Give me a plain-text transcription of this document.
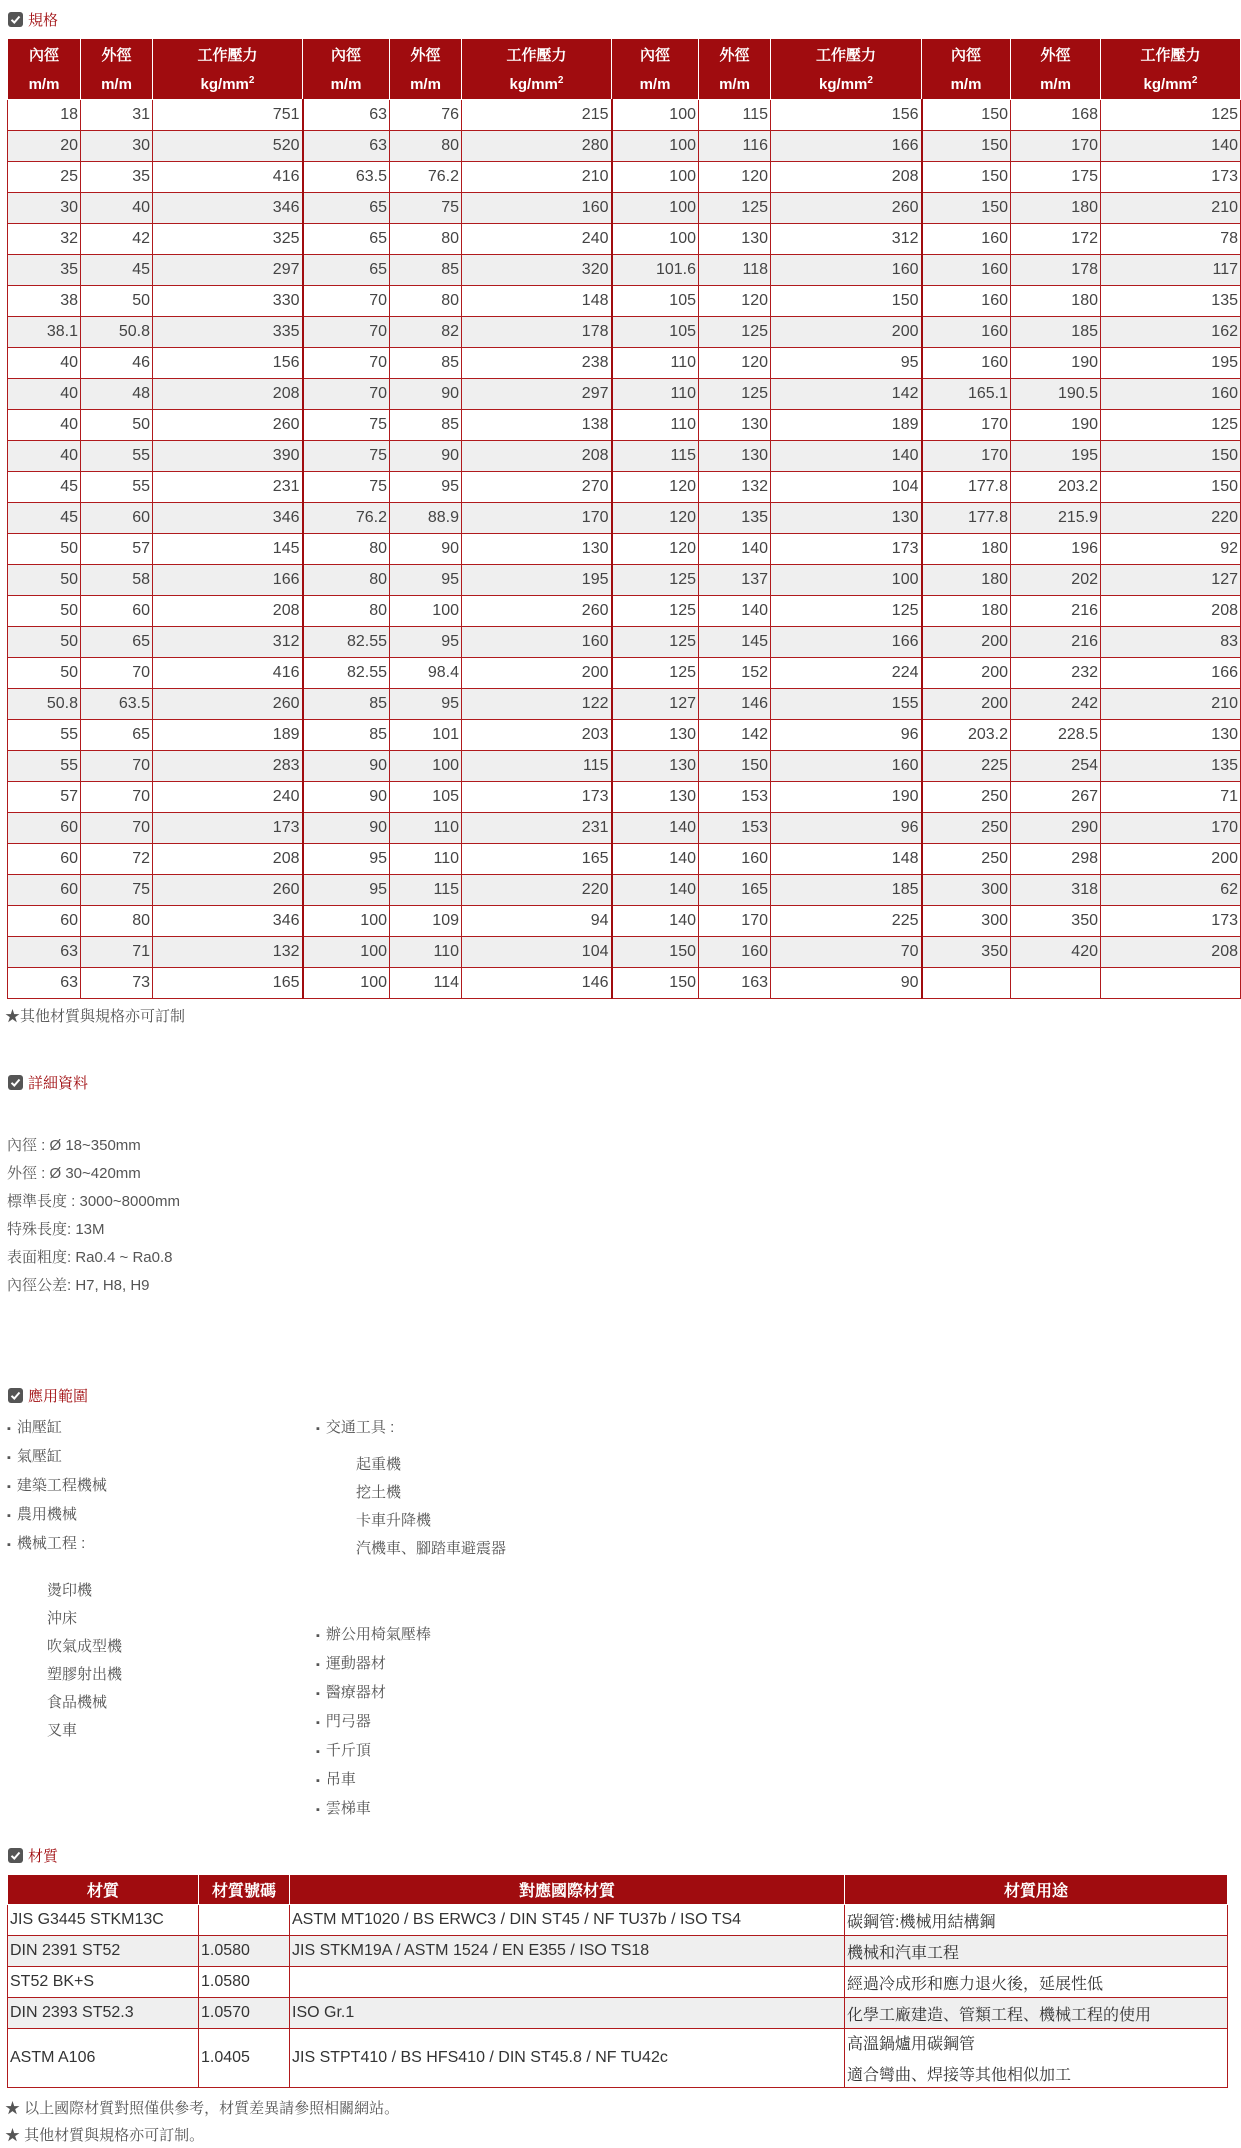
規格
內徑	外徑	工作壓力	內徑	外徑	工作壓力	內徑	外徑	工作壓力	內徑	外徑	工作壓力
m/m	m/m	$kg/mm^2$	m/m	m/m	$kg/mm^2$	m/m	m/m	$kg/mm^2$	m/m	m/m	$kg/mm^2$
18	31	751	63	76	215	100	115	156	150	168	125
20	30	520	63	80	280	100	116	166	150	170	140
25	35	416	63.5	76.2	210	100	120	208	150	175	173
30	40	346	65	75	160	100	125	260	150	180	210
32	42	325	65	80	240	100	130	312	160	172	78
35	45	297	65	85	320	101.6	118	160	160	178	117
38	50	330	70	80	148	105	120	150	160	180	135
38.1	50.8	335	70	82	178	105	125	200	160	185	162
40	46	156	70	85	238	110	120	95	160	190	195
40	48	208	70	90	297	110	125	142	165.1	190.5	160
40	50	260	75	85	138	110	130	189	170	190	125
40	55	390	75	90	208	115	130	140	170	195	150
45	55	231	75	95	270	120	132	104	177.8	203.2	150
45	60	346	76.2	88.9	170	120	135	130	177.8	215.9	220
50	57	145	80	90	130	120	140	173	180	196	92
50	58	166	80	95	195	125	137	100	180	202	127
50	60	208	80	100	260	125	140	125	180	216	208
50	65	312	82.55	95	160	125	145	166	200	216	83
50	70	416	82.55	98.4	200	125	152	224	200	232	166
50.8	63.5	260	85	95	122	127	146	155	200	242	210
55	65	189	85	101	203	130	142	96	203.2	228.5	130
55	70	283	90	100	115	130	150	160	225	254	135
57	70	240	90	105	173	130	153	190	250	267	71
60	70	173	90	110	231	140	153	96	250	290	170
60	72	208	95	110	165	140	160	148	250	298	200
60	75	260	95	115	220	140	165	185	300	318	62
60	80	346	100	109	94	140	170	225	300	350	173
63	71	132	100	110	104	150	160	70	350	420	208
63	73	165	100	114	146	150	163	90			
★其他材質與規格亦可訂制
詳細資料
內徑 : Ø 18~350mm
外徑 : Ø 30~420mm
標準長度 : 3000~8000mm
特殊長度: 13M
表面粗度: Ra0.4 ~ Ra0.8
內徑公差: H7, H8, H9
應用範圍
▪ 油壓缸
▪ 氣壓缸
▪ 建築工程機械
▪ 農用機械
▪ 機械工程 :
燙印機
沖床
吹氣成型機
塑膠射出機
食品機械
叉車
▪ 交通工具 :
起重機
挖土機
卡車升降機
汽機車、腳踏車避震器
▪ 辦公用椅氣壓棒
▪ 運動器材
▪ 醫療器材
▪ 門弓器
▪ 千斤頂
▪ 吊車
▪ 雲梯車
材質
材質	材質號碼	對應國際材質	材質用途
JIS G3445 STKM13C		ASTM MT1020 / BS ERWC3 / DIN ST45 / NF TU37b / ISO TS4	碳鋼管:機械用結構鋼
DIN 2391 ST52	1.0580	JIS STKM19A / ASTM 1524 / EN E355 / ISO TS18	機械和汽車工程
ST52 BK+S	1.0580		經過冷成形和應力退火後，延展性低
DIN 2393 ST52.3	1.0570	ISO Gr.1	化學工廠建造、管類工程、機械工程的使用
ASTM A106	1.0405	JIS STPT410 / BS HFS410 / DIN ST45.8 / NF TU42c	高溫鍋爐用碳鋼管
適合彎曲、焊接等其他相似加工
★ 以上國際材質對照僅供參考，材質差異請參照相關網站。
★ 其他材質與規格亦可訂制。
